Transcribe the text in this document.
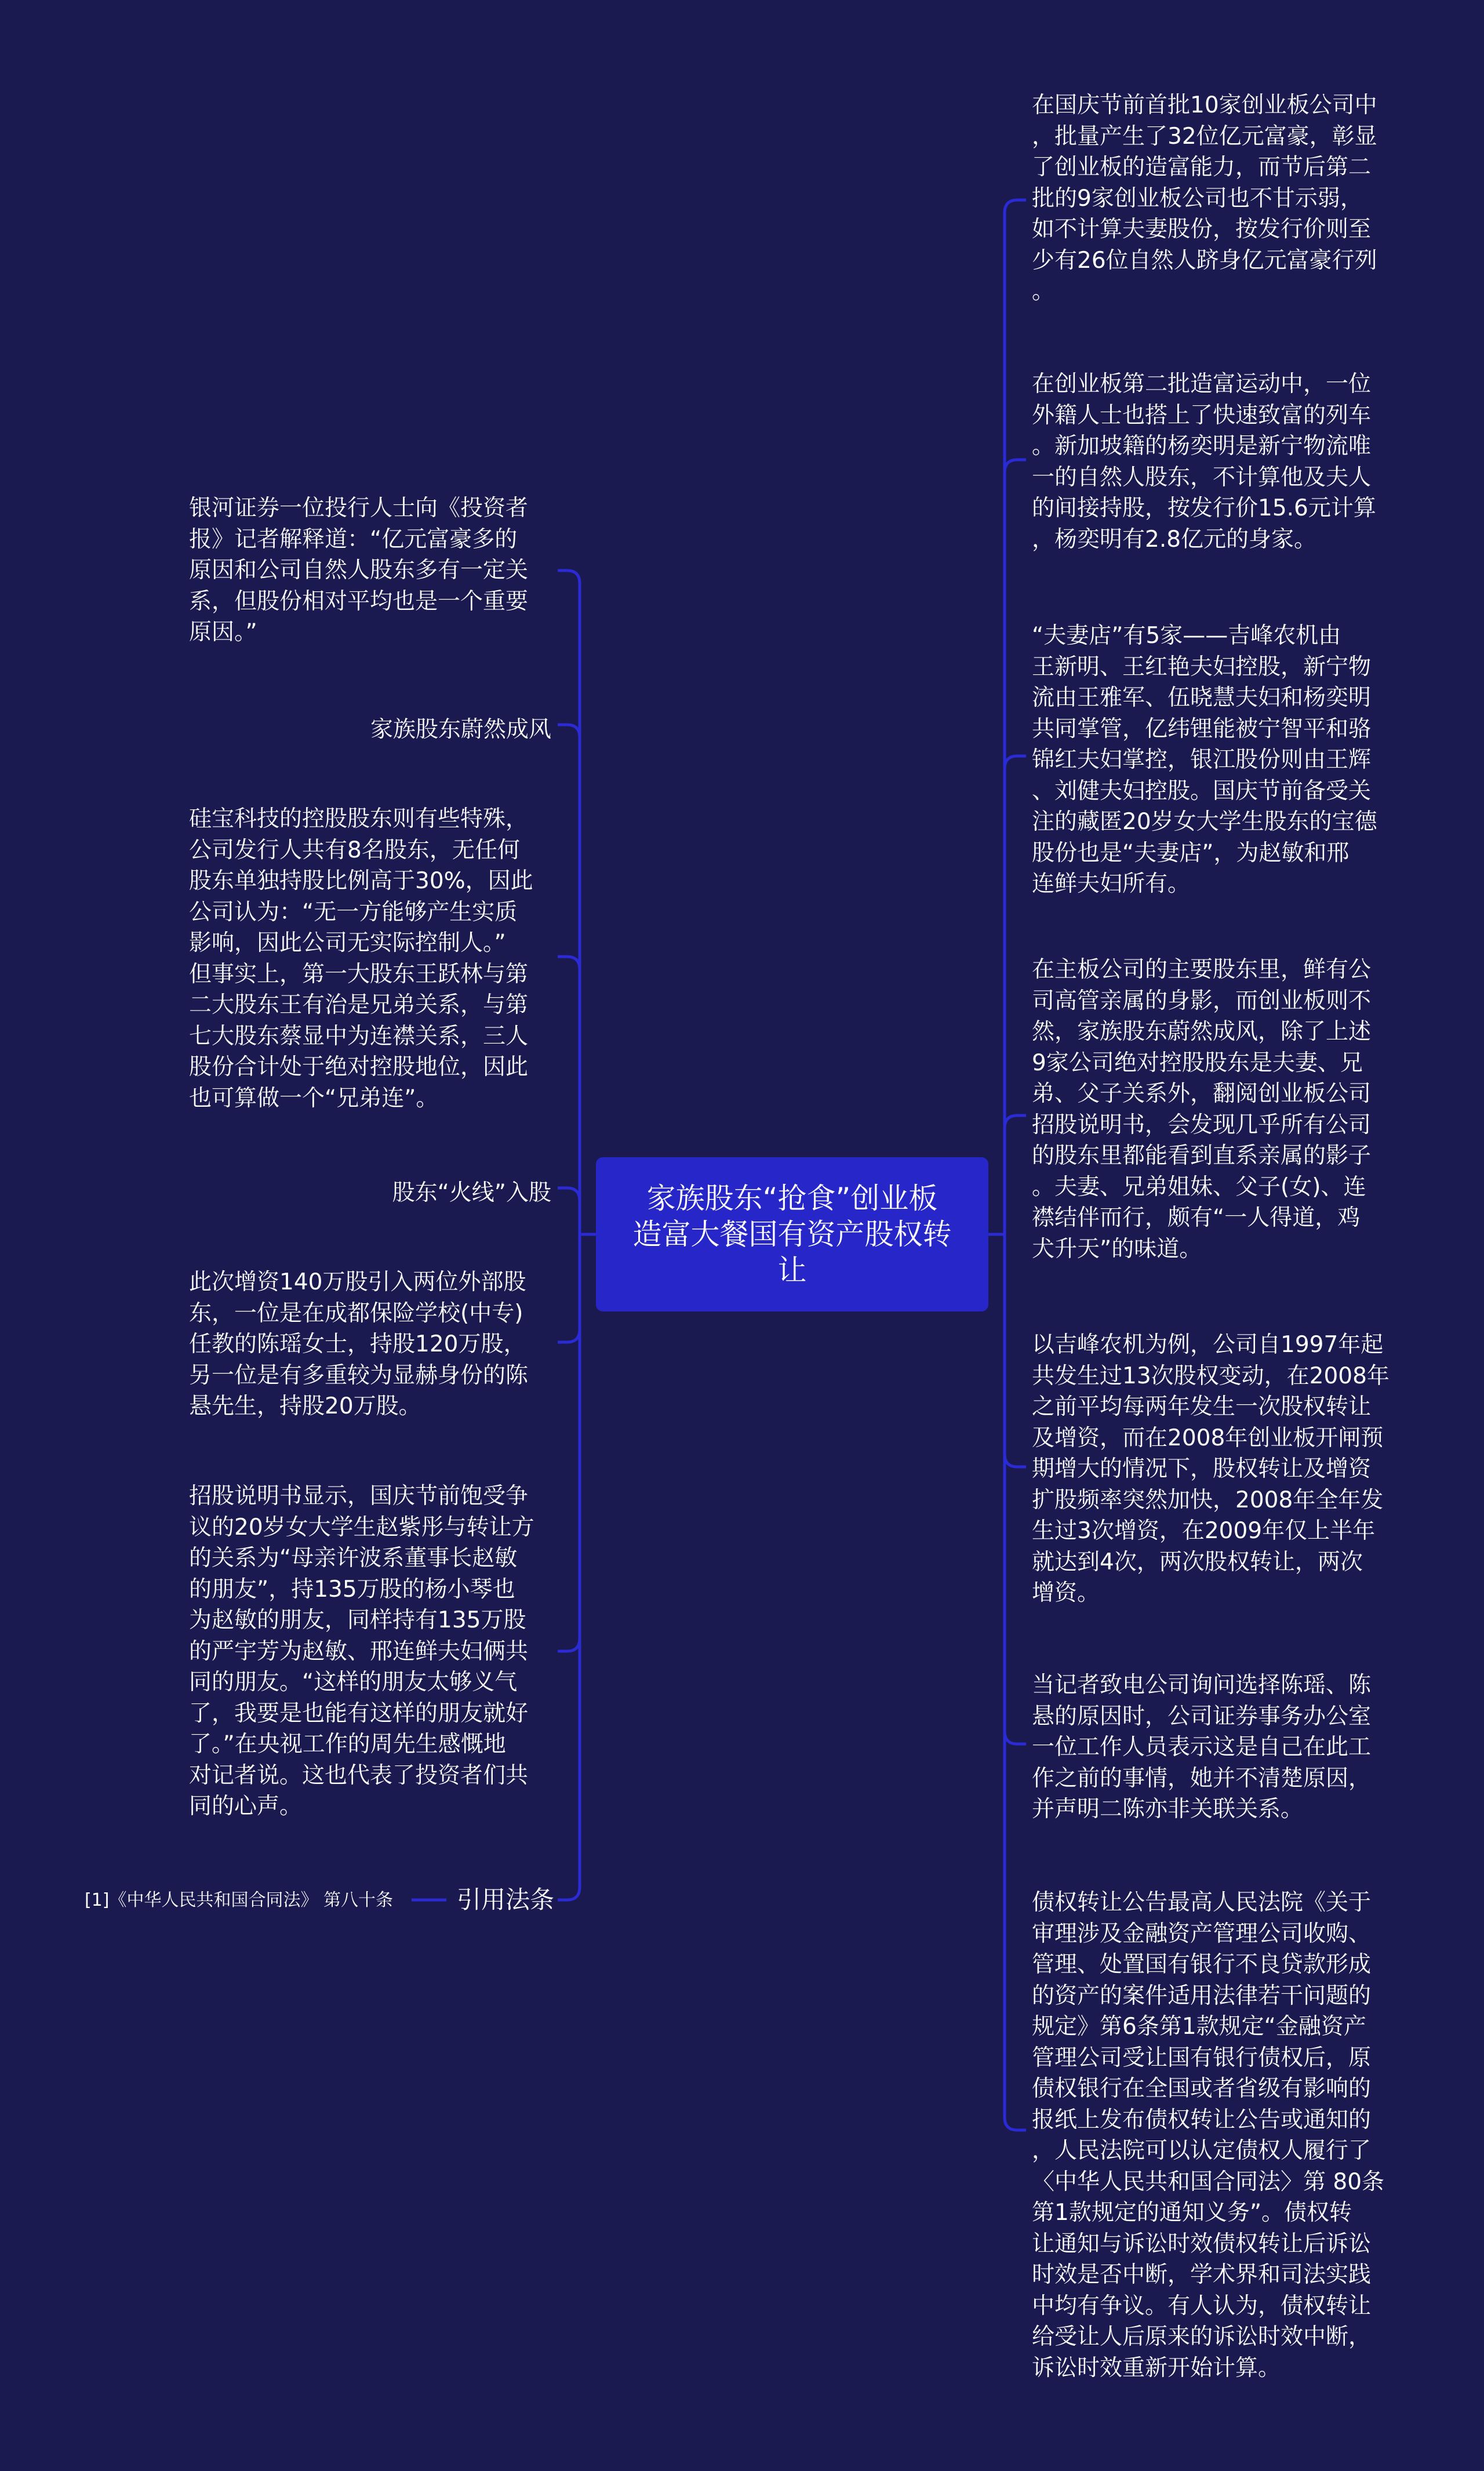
家族股东“抢食”创业板
造富大餐国有资产股权转
让
银河证券一位投行人士向《投资者
报》记者解释道：“亿元富豪多的
原因和公司自然人股东多有一定关
系，但股份相对平均也是一个重要
原因。”
家族股东蔚然成风
硅宝科技的控股股东则有些特殊，
公司发行人共有8名股东，无任何
股东单独持股比例高于30%，因此
公司认为：“无一方能够产生实质
影响，因此公司无实际控制人。”
但事实上，第一大股东王跃林与第
二大股东王有治是兄弟关系，与第
七大股东蔡显中为连襟关系，三人
股份合计处于绝对控股地位，因此
也可算做一个“兄弟连”。
股东“火线”入股
此次增资140万股引入两位外部股
东，一位是在成都保险学校(中专)
任教的陈瑶女士，持股120万股，
另一位是有多重较为显赫身份的陈
悬先生，持股20万股。
招股说明书显示，国庆节前饱受争
议的20岁女大学生赵紫彤与转让方
的关系为“母亲许波系董事长赵敏
的朋友”，持135万股的杨小琴也
为赵敏的朋友，同样持有135万股
的严宇芳为赵敏、邢连鲜夫妇俩共
同的朋友。“这样的朋友太够义气
了，我要是也能有这样的朋友就好
了。”在央视工作的周先生感慨地
对记者说。这也代表了投资者们共
同的心声。
在国庆节前首批10家创业板公司中
，批量产生了32位亿元富豪，彰显
了创业板的造富能力，而节后第二
批的9家创业板公司也不甘示弱，
如不计算夫妻股份，按发行价则至
少有26位自然人跻身亿元富豪行列
。
在创业板第二批造富运动中，一位
外籍人士也搭上了快速致富的列车
。新加坡籍的杨奕明是新宁物流唯
一的自然人股东，不计算他及夫人
的间接持股，按发行价15.6元计算
，杨奕明有2.8亿元的身家。
“夫妻店”有5家——吉峰农机由
王新明、王红艳夫妇控股，新宁物
流由王雅军、伍晓慧夫妇和杨奕明
共同掌管，亿纬锂能被宁智平和骆
锦红夫妇掌控，银江股份则由王辉
、刘健夫妇控股。国庆节前备受关
注的藏匿20岁女大学生股东的宝德
股份也是“夫妻店”，为赵敏和邢
连鲜夫妇所有。
在主板公司的主要股东里，鲜有公
司高管亲属的身影，而创业板则不
然，家族股东蔚然成风，除了上述
9家公司绝对控股股东是夫妻、兄
弟、父子关系外，翻阅创业板公司
招股说明书，会发现几乎所有公司
的股东里都能看到直系亲属的影子
。夫妻、兄弟姐妹、父子(女)、连
襟结伴而行，颇有“一人得道，鸡
犬升天”的味道。
以吉峰农机为例，公司自1997年起
共发生过13次股权变动，在2008年
之前平均每两年发生一次股权转让
及增资，而在2008年创业板开闸预
期增大的情况下，股权转让及增资
扩股频率突然加快，2008年全年发
生过3次增资，在2009年仅上半年
就达到4次，两次股权转让，两次
增资。
当记者致电公司询问选择陈瑶、陈
悬的原因时，公司证券事务办公室
一位工作人员表示这是自己在此工
作之前的事情，她并不清楚原因，
并声明二陈亦非关联关系。
债权转让公告最高人民法院《关于
审理涉及金融资产管理公司收购、
管理、处置国有银行不良贷款形成
的资产的案件适用法律若干问题的
规定》第6条第1款规定“金融资产
管理公司受让国有银行债权后，原
债权银行在全国或者省级有影响的
报纸上发布债权转让公告或通知的
，人民法院可以认定债权人履行了
〈中华人民共和国合同法〉第 80条
第1款规定的通知义务”。债权转
让通知与诉讼时效债权转让后诉讼
时效是否中断，学术界和司法实践
中均有争议。有人认为，债权转让
给受让人后原来的诉讼时效中断，
诉讼时效重新开始计算。
[1]《中华人民共和国合同法》 第八十条	引用法条
